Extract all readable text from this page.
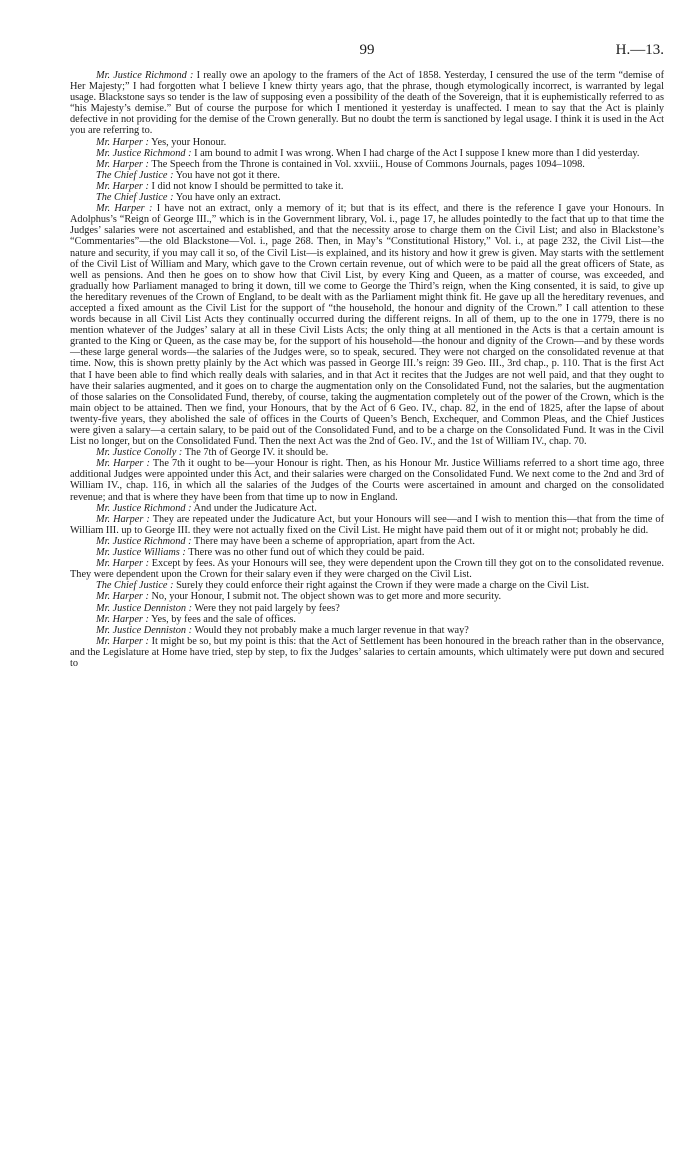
99	H.—13.

Mr. Justice Richmond : I really owe an apology to the framers of the Act of 1858. Yesterday, I censured the use of the term “demise of Her Majesty;” I had forgotten what I believe I knew thirty years ago, that the phrase, though etymologically incorrect, is warranted by legal usage. Blackstone says so tender is the law of supposing even a possibility of the death of the Sovereign, that it is euphemistically referred to as “his Majesty’s demise.” But of course the purpose for which I mentioned it yesterday is unaffected. I mean to say that the Act is plainly defective in not providing for the demise of the Crown generally. But no doubt the term is sanctioned by legal usage. I think it is used in the Act you are referring to.

Mr. Harper : Yes, your Honour.

Mr. Justice Richmond : I am bound to admit I was wrong. When I had charge of the Act I suppose I knew more than I did yesterday.

Mr. Harper : The Speech from the Throne is contained in Vol. xxviii., House of Commons Journals, pages 1094–1098.

The Chief Justice : You have not got it there.

Mr. Harper : I did not know I should be permitted to take it.

The Chief Justice : You have only an extract.

Mr. Harper : I have not an extract, only a memory of it; but that is its effect, and there is the reference I gave your Honours. In Adolphus’s “Reign of George III.,” which is in the Government library, Vol. i., page 17, he alludes pointedly to the fact that up to that time the Judges’ salaries were not ascertained and established, and that the necessity arose to charge them on the Civil List; and also in Blackstone’s “Commentaries”—the old Blackstone—Vol. i., page 268. Then, in May’s “Constitutional History,” Vol. i., at page 232, the Civil List—the nature and security, if you may call it so, of the Civil List—is explained, and its history and how it grew is given. May starts with the settlement of the Civil List of William and Mary, which gave to the Crown certain revenue, out of which were to be paid all the great officers of State, as well as pensions. And then he goes on to show how that Civil List, by every King and Queen, as a matter of course, was exceeded, and gradually how Parliament managed to bring it down, till we come to George the Third’s reign, when the King consented, it is said, to give up the hereditary revenues of the Crown of England, to be dealt with as the Parliament might think fit. He gave up all the hereditary revenues, and accepted a fixed amount as the Civil List for the support of “the household, the honour and dignity of the Crown.” I call attention to these words because in all Civil List Acts they continually occurred during the different reigns. In all of them, up to the one in 1779, there is no mention whatever of the Judges’ salary at all in these Civil Lists Acts; the only thing at all mentioned in the Acts is that a certain amount is granted to the King or Queen, as the case may be, for the support of his household—the honour and dignity of the Crown—and by these words—these large general words—the salaries of the Judges were, so to speak, secured. They were not charged on the consolidated revenue at that time. Now, this is shown pretty plainly by the Act which was passed in George III.’s reign: 39 Geo. III., 3rd chap., p. 110. That is the first Act that I have been able to find which really deals with salaries, and in that Act it recites that the Judges are not well paid, and that they ought to have their salaries augmented, and it goes on to charge the augmentation only on the Consolidated Fund, not the salaries, but the augmentation of those salaries on the Consolidated Fund, thereby, of course, taking the augmentation completely out of the power of the Crown, which is the main object to be attained. Then we find, your Honours, that by the Act of 6 Geo. IV., chap. 82, in the end of 1825, after the lapse of about twenty-five years, they abolished the sale of offices in the Courts of Queen’s Bench, Exchequer, and Common Pleas, and the Chief Justices were given a salary—a certain salary, to be paid out of the Consolidated Fund, and to be a charge on the Consolidated Fund. It was in the Civil List no longer, but on the Consolidated Fund. Then the next Act was the 2nd of Geo. IV., and the 1st of William IV., chap. 70.

Mr. Justice Conolly : The 7th of George IV. it should be.

Mr. Harper : The 7th it ought to be—your Honour is right. Then, as his Honour Mr. Justice Williams referred to a short time ago, three additional Judges were appointed under this Act, and their salaries were charged on the Consolidated Fund. We next come to the 2nd and 3rd of William IV., chap. 116, in which all the salaries of the Judges of the Courts were ascertained in amount and charged on the consolidated revenue; and that is where they have been from that time up to now in England.

Mr. Justice Richmond : And under the Judicature Act.

Mr. Harper : They are repeated under the Judicature Act, but your Honours will see—and I wish to mention this—that from the time of William III. up to George III. they were not actually fixed on the Civil List. He might have paid them out of it or might not; probably he did.

Mr. Justice Richmond : There may have been a scheme of appropriation, apart from the Act.

Mr. Justice Williams : There was no other fund out of which they could be paid.

Mr. Harper : Except by fees. As your Honours will see, they were dependent upon the Crown till they got on to the consolidated revenue. They were dependent upon the Crown for their salary even if they were charged on the Civil List.

The Chief Justice : Surely they could enforce their right against the Crown if they were made a charge on the Civil List.

Mr. Harper : No, your Honour, I submit not. The object shown was to get more and more security.

Mr. Justice Denniston : Were they not paid largely by fees?

Mr. Harper : Yes, by fees and the sale of offices.

Mr. Justice Denniston : Would they not probably make a much larger revenue in that way?

Mr. Harper : It might be so, but my point is this: that the Act of Settlement has been honoured in the breach rather than in the observance, and the Legislature at Home have tried, step by step, to fix the Judges’ salaries to certain amounts, which ultimately were put down and secured to
